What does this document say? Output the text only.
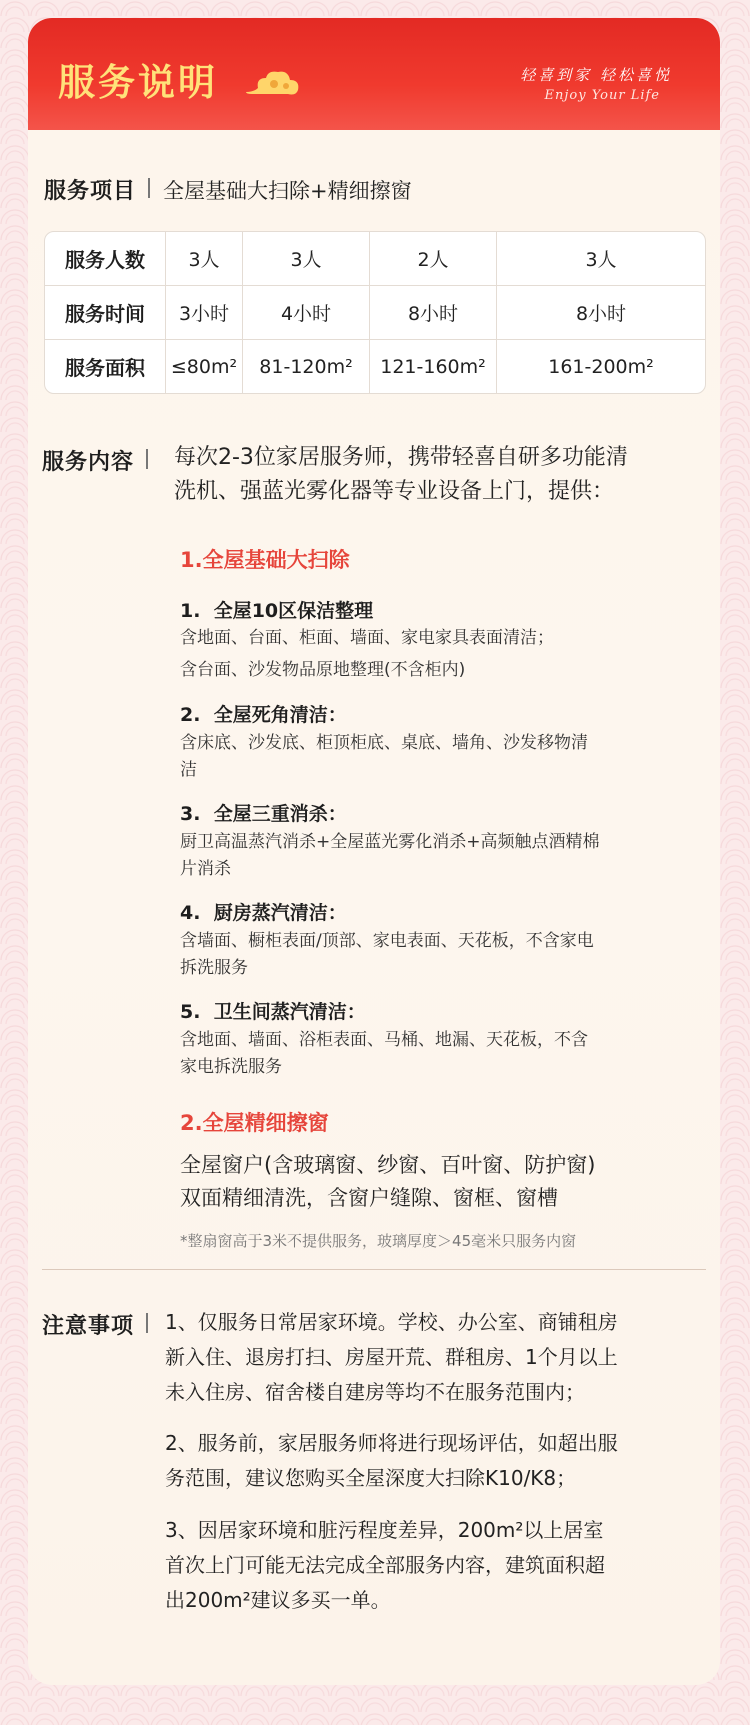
服务说明	轻喜到家 轻松喜悦
Enjoy Your Life
服务项目 全屋基础大扫除+精细擦窗
服务人数	3人	3人	2人	3人
服务时间	3小时	4小时	8小时	8小时
服务面积	≤80m²	81-120m²	121-160m²	161-200m²
服务内容 每次2-3位家居服务师，携带轻喜自研多功能清
洗机、强蓝光雾化器等专业设备上门，提供：
1.全屋基础大扫除
1. 全屋10区保洁整理
含地面、台面、柜面、墙面、家电家具表面清洁；
含台面、沙发物品原地整理(不含柜内)
2. 全屋死角清洁：
含床底、沙发底、柜顶柜底、桌底、墙角、沙发移物清
洁
3. 全屋三重消杀：
厨卫高温蒸汽消杀+全屋蓝光雾化消杀+高频触点酒精棉
片消杀
4. 厨房蒸汽清洁：
含墙面、橱柜表面/顶部、家电表面、天花板，不含家电
拆洗服务
5. 卫生间蒸汽清洁：
含地面、墙面、浴柜表面、马桶、地漏、天花板，不含
家电拆洗服务
2.全屋精细擦窗
全屋窗户(含玻璃窗、纱窗、百叶窗、防护窗)
双面精细清洗，含窗户缝隙、窗框、窗槽
*整扇窗高于3米不提供服务，玻璃厚度＞45毫米只服务内窗
注意事项 1、仅服务日常居家环境。学校、办公室、商铺租房
新入住、退房打扫、房屋开荒、群租房、1个月以上
未入住房、宿舍楼自建房等均不在服务范围内；
2、服务前，家居服务师将进行现场评估，如超出服
务范围，建议您购买全屋深度大扫除K10/K8；
3、因居家环境和脏污程度差异，200m²以上居室
首次上门可能无法完成全部服务内容，建筑面积超
出200m²建议多买一单。
